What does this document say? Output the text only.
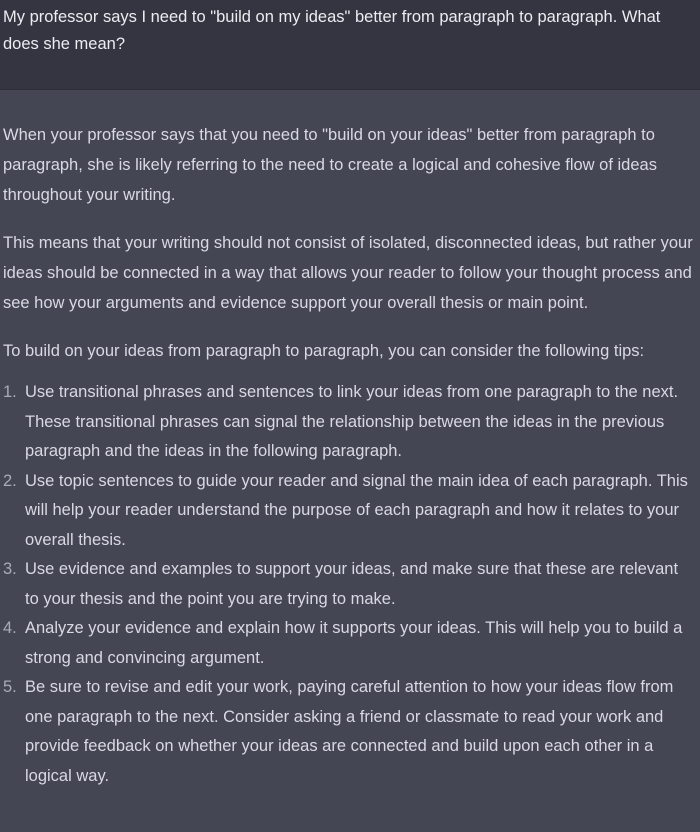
My professor says I need to "build on my ideas" better from paragraph to paragraph. What does she mean?

When your professor says that you need to "build on your ideas" better from paragraph to paragraph, she is likely referring to the need to create a logical and cohesive flow of ideas throughout your writing.

This means that your writing should not consist of isolated, disconnected ideas, but rather your ideas should be connected in a way that allows your reader to follow your thought process and see how your arguments and evidence support your overall thesis or main point.

To build on your ideas from paragraph to paragraph, you can consider the following tips:

1. Use transitional phrases and sentences to link your ideas from one paragraph to the next. These transitional phrases can signal the relationship between the ideas in the previous paragraph and the ideas in the following paragraph.
2. Use topic sentences to guide your reader and signal the main idea of each paragraph. This will help your reader understand the purpose of each paragraph and how it relates to your overall thesis.
3. Use evidence and examples to support your ideas, and make sure that these are relevant to your thesis and the point you are trying to make.
4. Analyze your evidence and explain how it supports your ideas. This will help you to build a strong and convincing argument.
5. Be sure to revise and edit your work, paying careful attention to how your ideas flow from one paragraph to the next. Consider asking a friend or classmate to read your work and provide feedback on whether your ideas are connected and build upon each other in a logical way.
